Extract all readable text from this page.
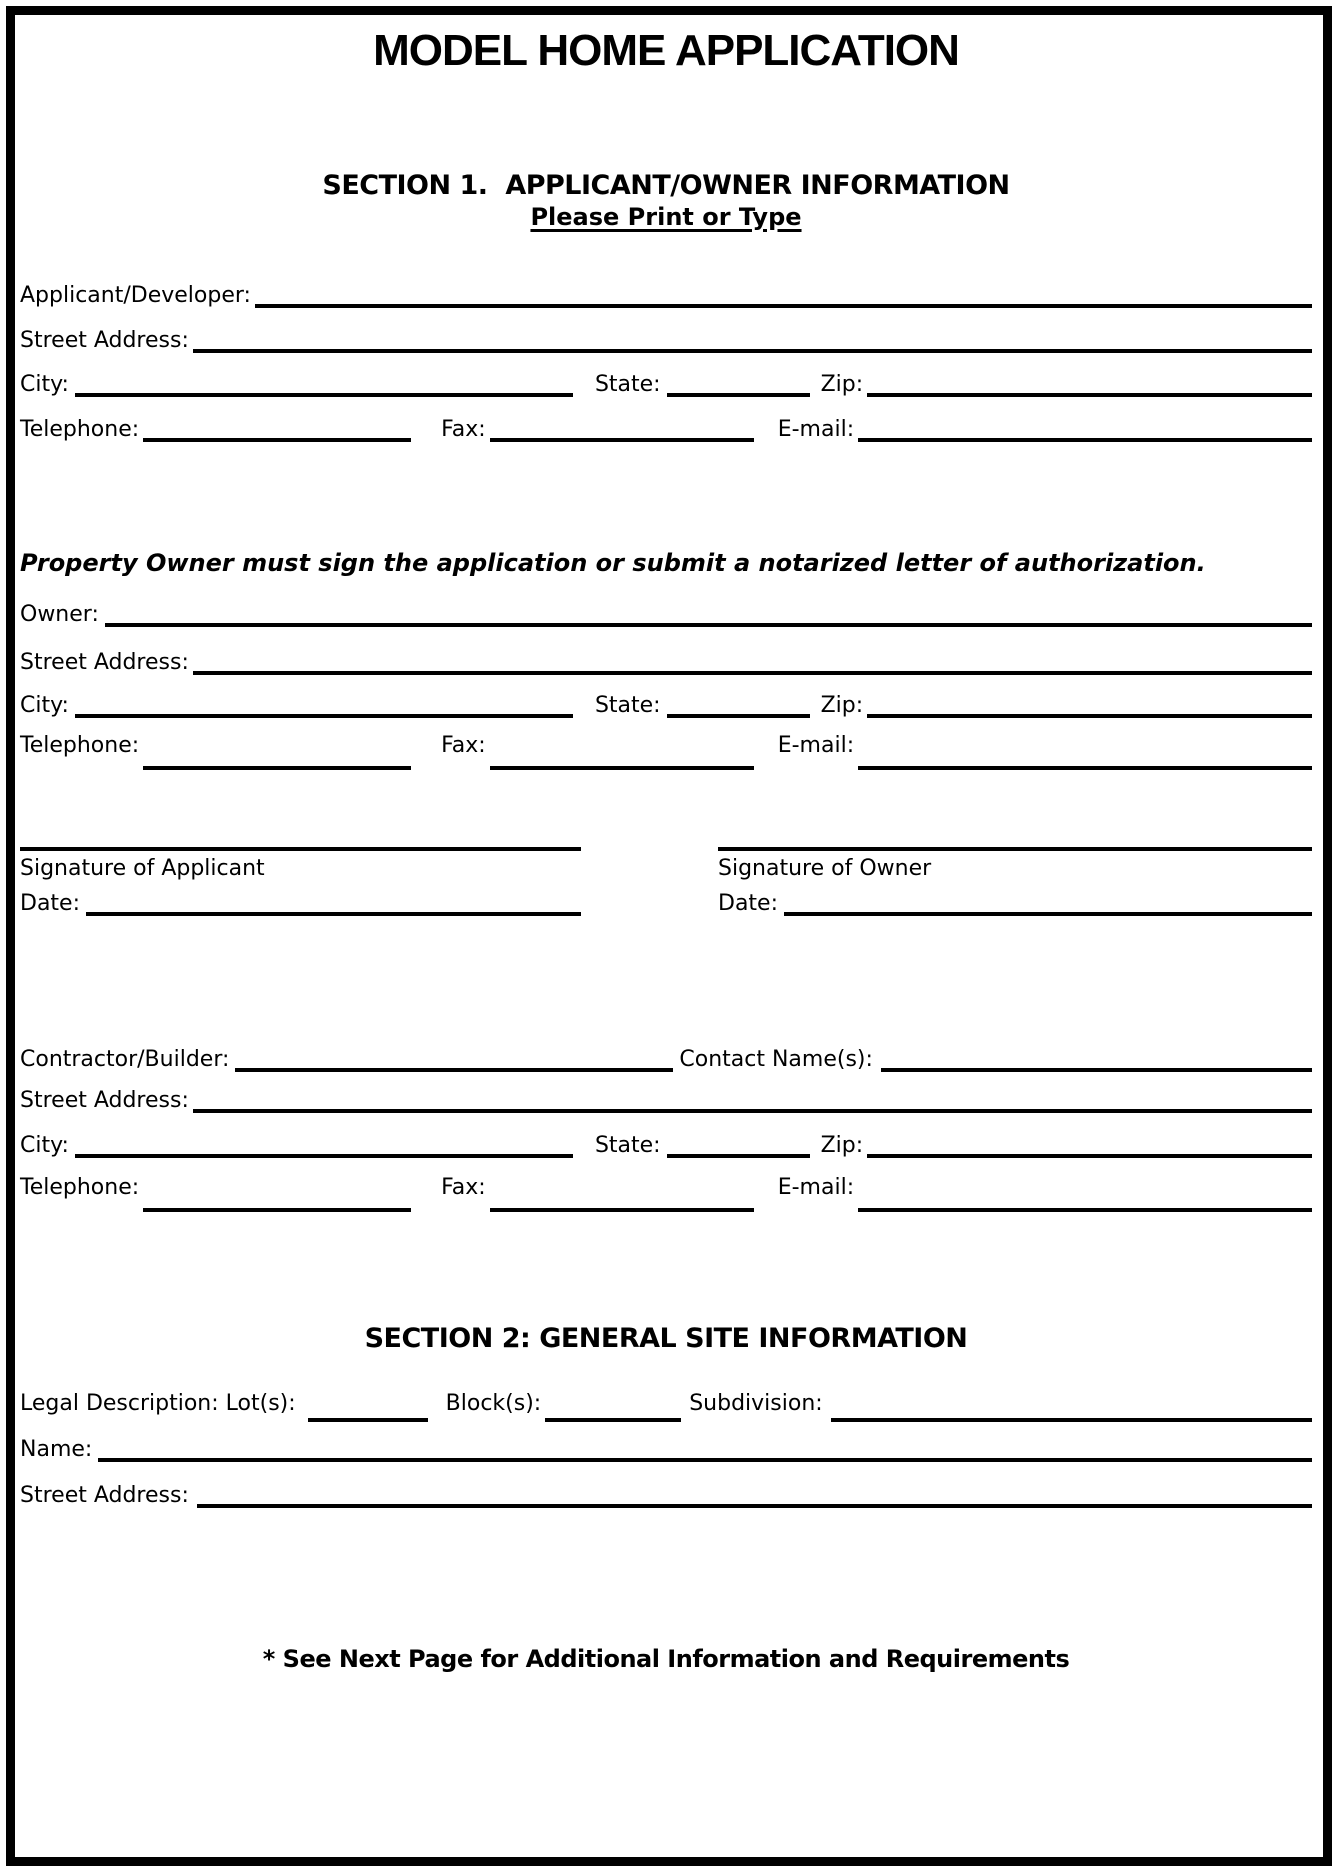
MODEL HOME APPLICATION
SECTION 1.  APPLICANT/OWNER INFORMATION
Please Print or Type
Applicant/Developer:
Street Address:
City:	State:	Zip:
Telephone:	Fax:	E-mail:
Property Owner must sign the application or submit a notarized letter of authorization.
Owner:
Street Address:
City:	State:	Zip:
Telephone:	Fax:	E-mail:
Signature of Applicant
Date:
Signature of Owner
Date:
Contractor/Builder:	Contact Name(s):
Street Address:
City:	State:	Zip:
Telephone:	Fax:	E-mail:
SECTION 2: GENERAL SITE INFORMATION
Legal Description: Lot(s):	Block(s):	Subdivision:
Name:
Street Address:
* See Next Page for Additional Information and Requirements
